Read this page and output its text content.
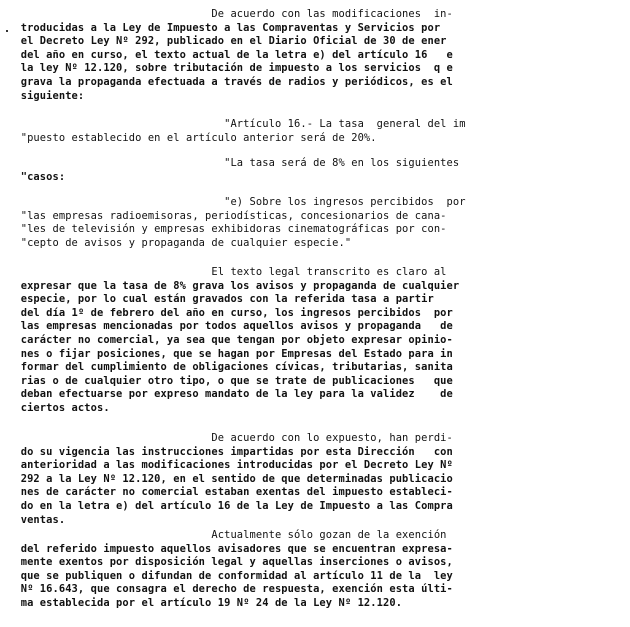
De acuerdo con las modificaciones  in-
troducidas a la Ley de Impuesto a las Compraventas y Servicios por
el Decreto Ley Nº 292, publicado en el Diario Oficial de 30 de ener
del año en curso, el texto actual de la letra e) del artículo 16   e
la ley Nº 12.120, sobre tributación de impuesto a los servicios  q e
grava la propaganda efectuada a través de radios y periódicos, es el
siguiente:
"Artículo 16.- La tasa  general del im
"puesto establecido en el artículo anterior será de 20%.
"La tasa será de 8% en los siguientes
"casos:
"e) Sobre los ingresos percibidos  por
"las empresas radioemisoras, periodísticas, concesionarios de cana-
"les de televisión y empresas exhibidoras cinematográficas por con-
"cepto de avisos y propaganda de cualquier especie."
El texto legal transcrito es claro al
expresar que la tasa de 8% grava los avisos y propaganda de cualquier
especie, por lo cual están gravados con la referida tasa a partir
del día 1º de febrero del año en curso, los ingresos percibidos  por
las empresas mencionadas por todos aquellos avisos y propaganda   de
carácter no comercial, ya sea que tengan por objeto expresar opinio-
nes o fijar posiciones, que se hagan por Empresas del Estado para in
formar del cumplimiento de obligaciones cívicas, tributarias, sanita
rias o de cualquier otro tipo, o que se trate de publicaciones   que
deban efectuarse por expreso mandato de la ley para la validez    de
ciertos actos.
De acuerdo con lo expuesto, han perdi-
do su vigencia las instrucciones impartidas por esta Dirección   con
anterioridad a las modificaciones introducidas por el Decreto Ley Nº
292 a la Ley Nº 12.120, en el sentido de que determinadas publicacio
nes de carácter no comercial estaban exentas del impuesto estableci-
do en la letra e) del artículo 16 de la Ley de Impuesto a las Compra
ventas.
Actualmente sólo gozan de la exención
del referido impuesto aquellos avisadores que se encuentran expresa-
mente exentos por disposición legal y aquellas inserciones o avisos,
que se publiquen o difundan de conformidad al artículo 11 de la  ley
Nº 16.643, que consagra el derecho de respuesta, exención esta últi-
ma establecida por el artículo 19 Nº 24 de la Ley Nº 12.120.
